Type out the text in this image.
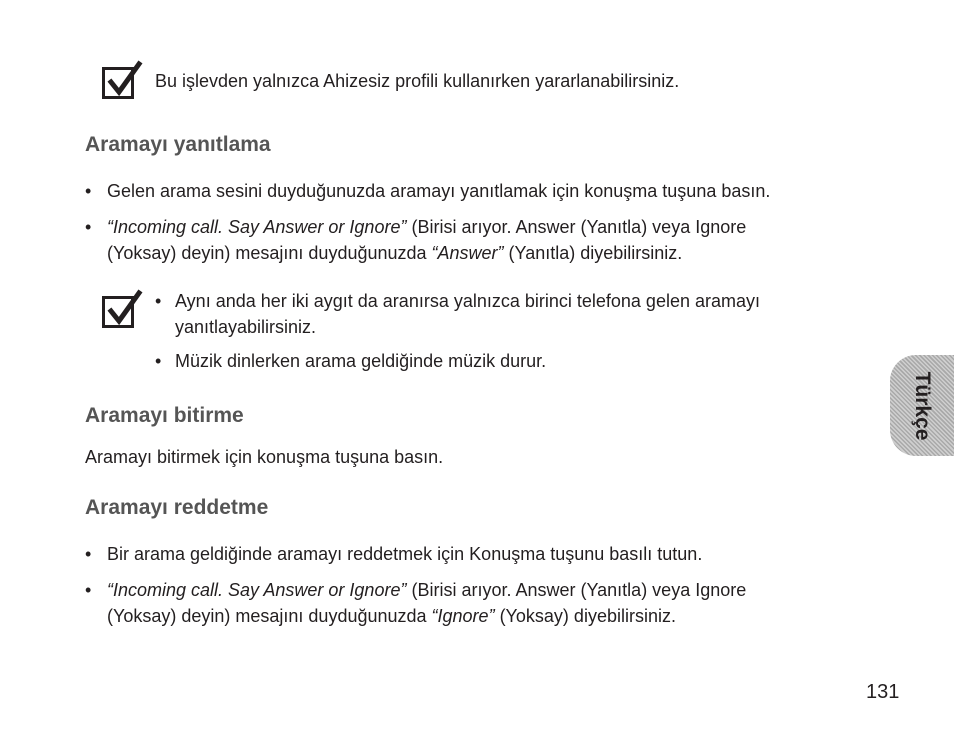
Bu işlevden yalnızca Ahizesiz profili kullanırken yararlanabilirsiniz.
Aramayı yanıtlama
• Gelen arama sesini duyduğunuzda aramayı yanıtlamak için konuşma tuşuna basın.
• “Incoming call. Say Answer or Ignore” (Birisi arıyor. Answer (Yanıtla) veya Ignore
(Yoksay) deyin) mesajını duyduğunuzda “Answer” (Yanıtla) diyebilirsiniz.
• Aynı anda her iki aygıt da aranırsa yalnızca birinci telefona gelen aramayı
yanıtlayabilirsiniz.
• Müzik dinlerken arama geldiğinde müzik durur.
Aramayı bitirme
Aramayı bitirmek için konuşma tuşuna basın.
Aramayı reddetme
• Bir arama geldiğinde aramayı reddetmek için Konuşma tuşunu basılı tutun.
• “Incoming call. Say Answer or Ignore” (Birisi arıyor. Answer (Yanıtla) veya Ignore
(Yoksay) deyin) mesajını duyduğunuzda “Ignore” (Yoksay) diyebilirsiniz.
Türkçe
131
